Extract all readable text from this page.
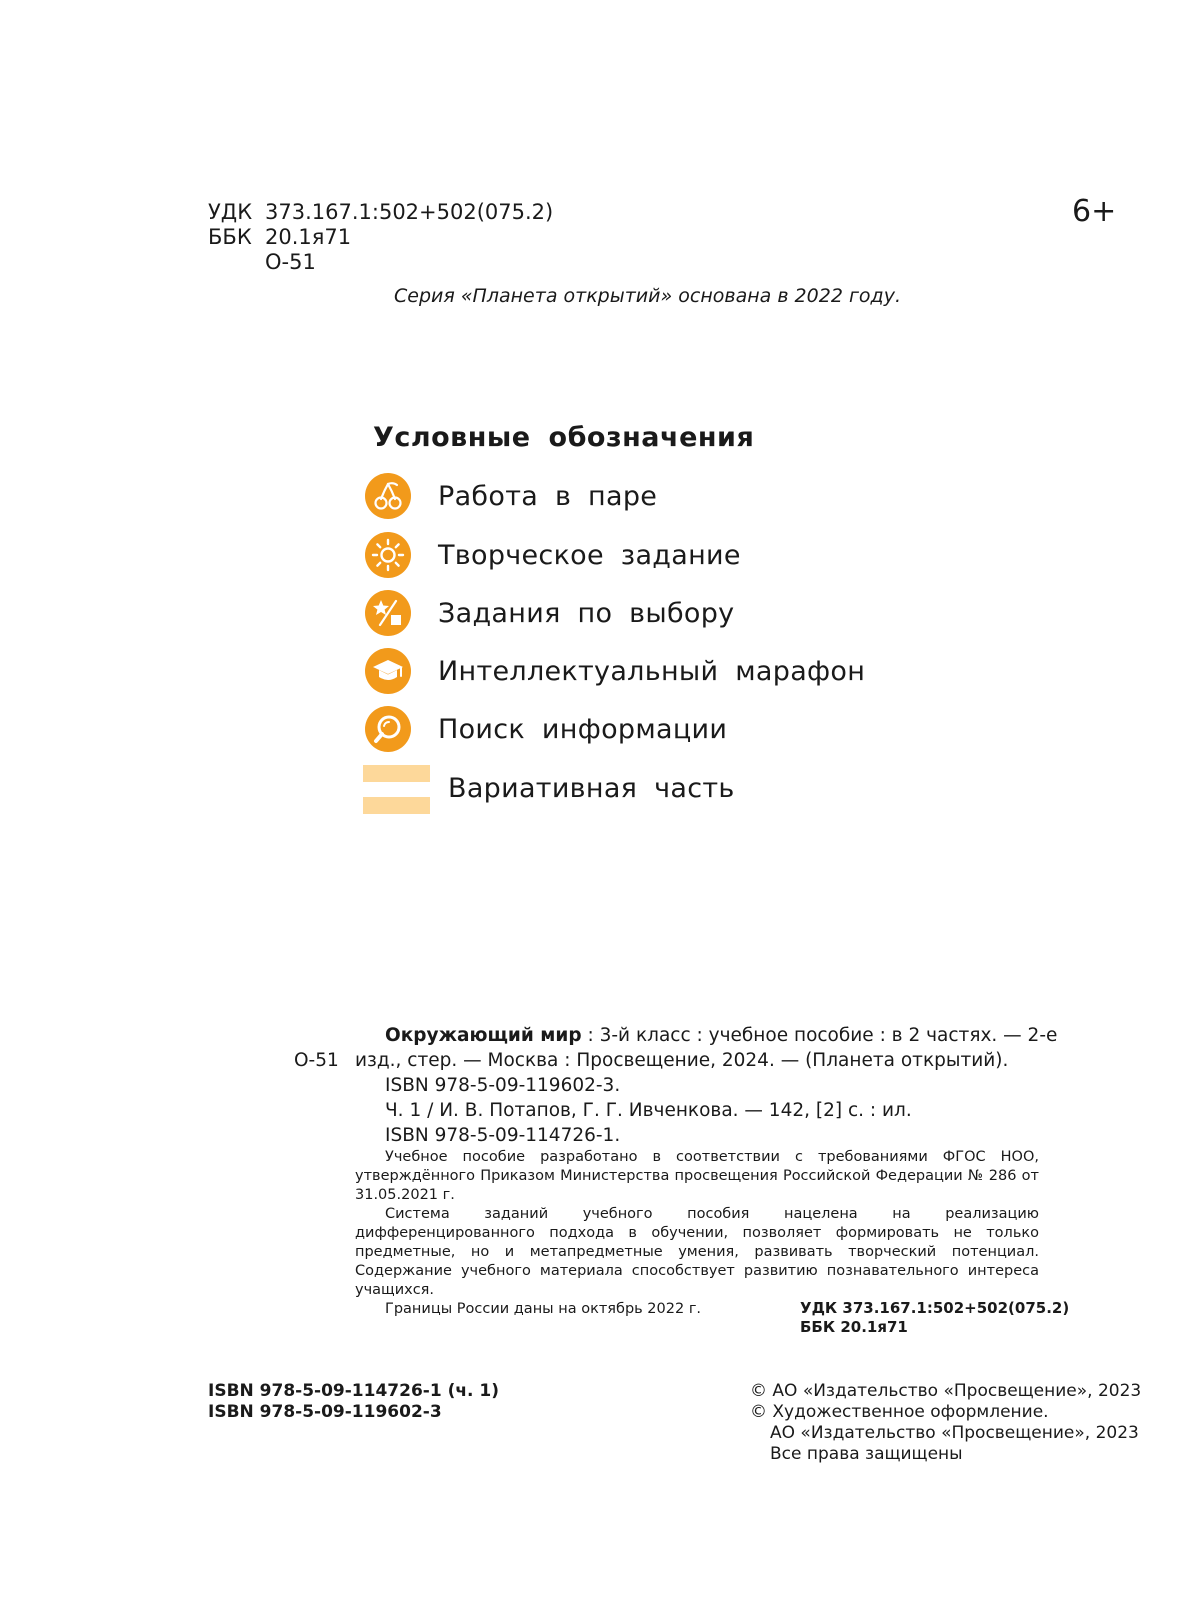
УДК 373.167.1:502+502(075.2)
ББК 20.1я71
О-51
6+
Серия «Планета открытий» основана в 2022 году.
Условные обозначения
Работа в паре
Творческое задание
Задания по выбору
Интеллектуальный марафон
Поиск информации
Вариативная часть
О-51
Окружающий мир : 3-й класс : учебное пособие : в 2 частях. — 2-е
изд., стер. — Москва : Просвещение, 2024. — (Планета открытий).
ISBN 978-5-09-119602-3.
Ч. 1 / И. В. Потапов, Г. Г. Ивченкова. — 142, [2] с. : ил.
ISBN 978-5-09-114726-1.

Учебное пособие разработано в соответствии с требованиями ФГОС НОО, утверждённого Приказом Министерства просвещения Российской Федерации № 286 от 31.05.2021 г.

Система заданий учебного пособия нацелена на реализацию дифференцированного подхода в обучении, позволяет формировать не только предметные, но и метапредметные умения, развивать творческий потенциал. Содержание учебного материала способствует развитию познавательного интереса учащихся.

Границы России даны на октябрь 2022 г.	УДК 373.167.1:502+502(075.2)
ББК 20.1я71
ISBN 978-5-09-114726-1 (ч. 1)
ISBN 978-5-09-119602-3
© АО «Издательство «Просвещение», 2023
© Художественное оформление.
АО «Издательство «Просвещение», 2023
Все права защищены
